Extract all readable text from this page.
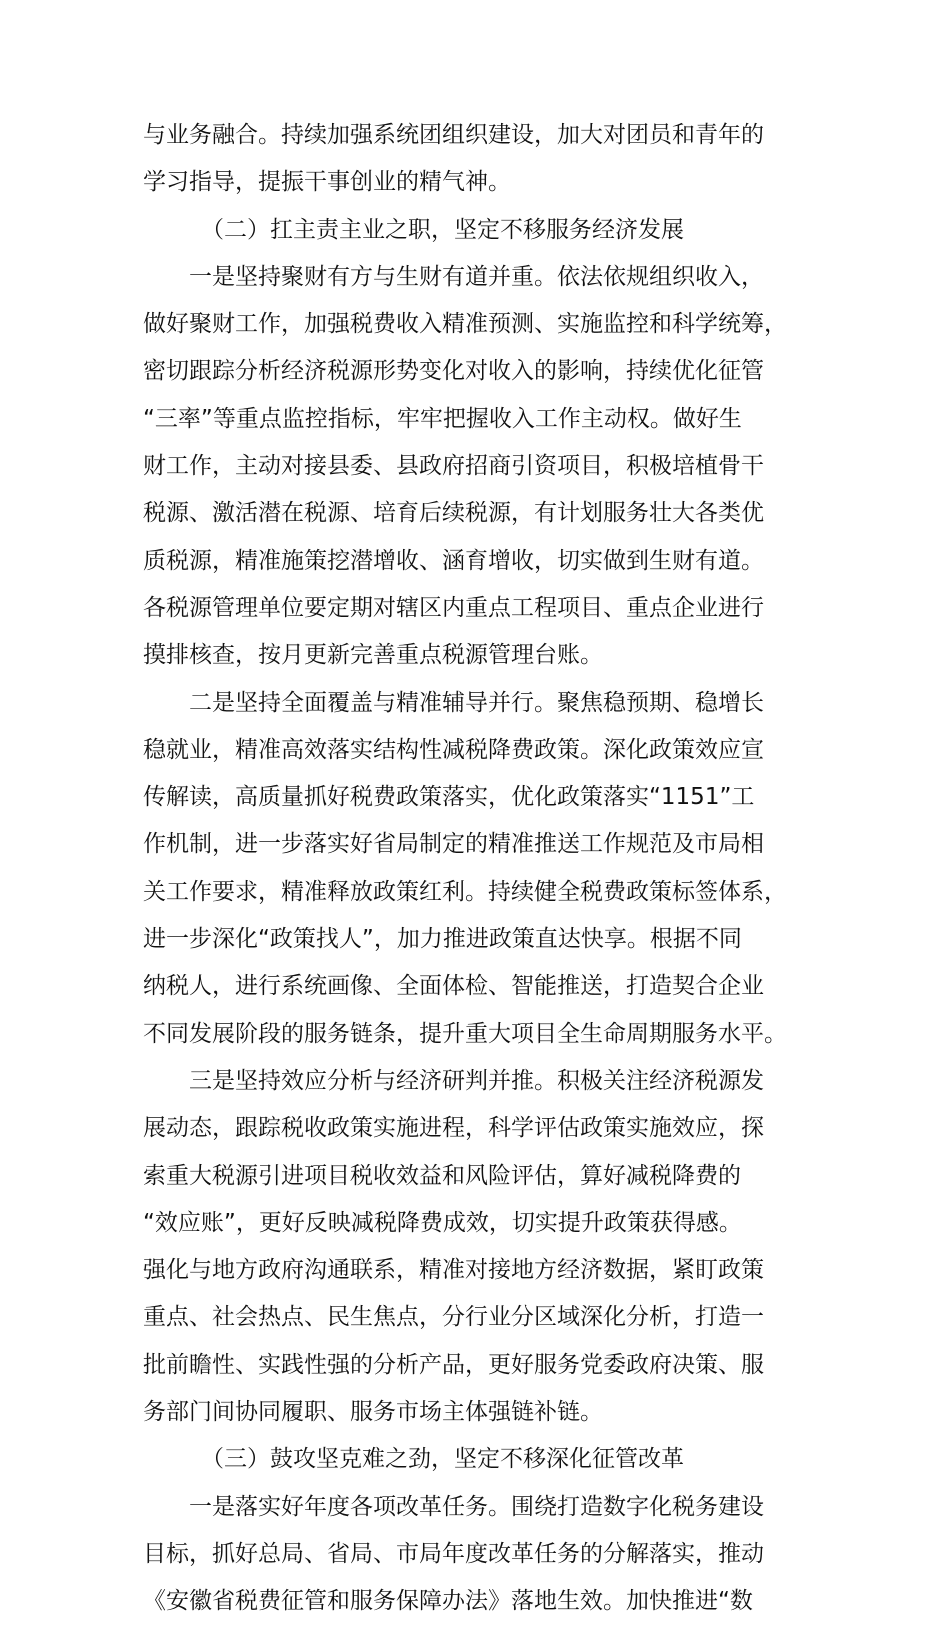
与业务融合。持续加强系统团组织建设，加大对团员和青年的
学习指导，提振干事创业的精气神。
（二）扛主责主业之职，坚定不移服务经济发展
一是坚持聚财有方与生财有道并重。依法依规组织收入，
做好聚财工作，加强税费收入精准预测、实施监控和科学统筹，
密切跟踪分析经济税源形势变化对收入的影响，持续优化征管
“三率”等重点监控指标，牢牢把握收入工作主动权。做好生
财工作，主动对接县委、县政府招商引资项目，积极培植骨干
税源、激活潜在税源、培育后续税源，有计划服务壮大各类优
质税源，精准施策挖潜增收、涵育增收，切实做到生财有道。
各税源管理单位要定期对辖区内重点工程项目、重点企业进行
摸排核查，按月更新完善重点税源管理台账。
二是坚持全面覆盖与精准辅导并行。聚焦稳预期、稳增长
稳就业，精准高效落实结构性减税降费政策。深化政策效应宣
传解读，高质量抓好税费政策落实，优化政策落实“1151”工
作机制，进一步落实好省局制定的精准推送工作规范及市局相
关工作要求，精准释放政策红利。持续健全税费政策标签体系，
进一步深化“政策找人”，加力推进政策直达快享。根据不同
纳税人，进行系统画像、全面体检、智能推送，打造契合企业
不同发展阶段的服务链条，提升重大项目全生命周期服务水平。
三是坚持效应分析与经济研判并推。积极关注经济税源发
展动态，跟踪税收政策实施进程，科学评估政策实施效应，探
索重大税源引进项目税收效益和风险评估，算好减税降费的
“效应账”，更好反映减税降费成效，切实提升政策获得感。
强化与地方政府沟通联系，精准对接地方经济数据，紧盯政策
重点、社会热点、民生焦点，分行业分区域深化分析，打造一
批前瞻性、实践性强的分析产品，更好服务党委政府决策、服
务部门间协同履职、服务市场主体强链补链。
（三）鼓攻坚克难之劲，坚定不移深化征管改革
一是落实好年度各项改革任务。围绕打造数字化税务建设
目标，抓好总局、省局、市局年度改革任务的分解落实，推动
《安徽省税费征管和服务保障办法》落地生效。加快推进“数
